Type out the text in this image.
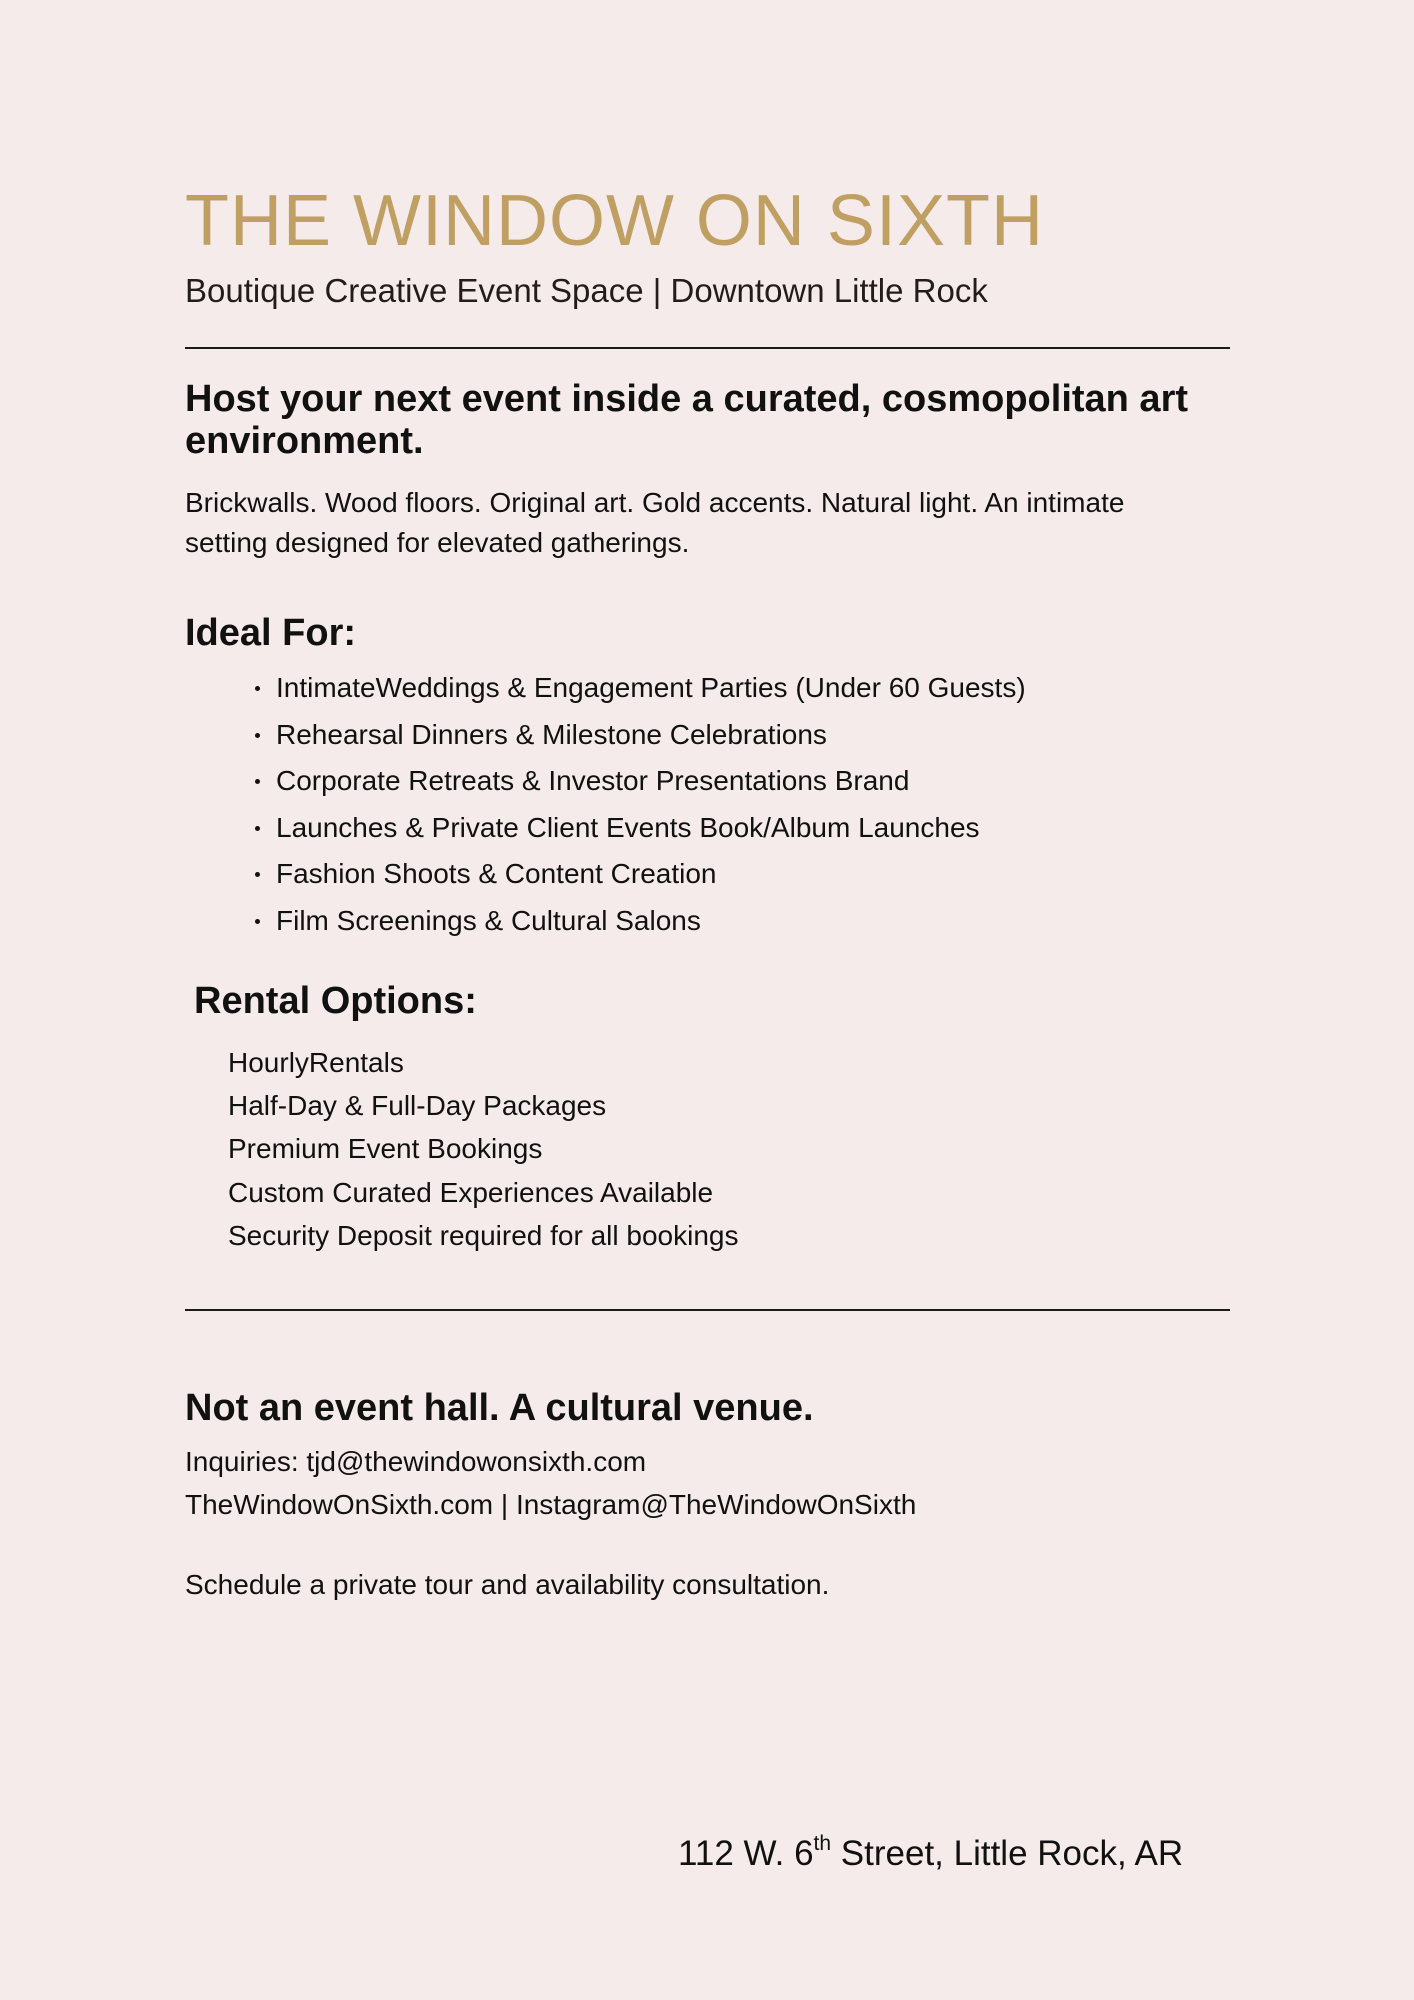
THE WINDOW ON SIXTH
Boutique Creative Event Space | Downtown Little Rock
Host your next event inside a curated, cosmopolitan art environment.

Brickwalls. Wood floors. Original art. Gold accents. Natural light. An intimate setting designed for elevated gatherings.

Ideal For:
IntimateWeddings & Engagement Parties (Under 60 Guests)
Rehearsal Dinners & Milestone Celebrations
Corporate Retreats & Investor Presentations Brand
Launches & Private Client Events Book/Album Launches
Fashion Shoots & Content Creation
Film Screenings & Cultural Salons
Rental Options:
HourlyRentals
Half-Day & Full-Day Packages
Premium Event Bookings
Custom Curated Experiences Available
Security Deposit required for all bookings
Not an event hall. A cultural venue.
Inquiries: tjd@thewindowonsixth.com
TheWindowOnSixth.com | Instagram@TheWindowOnSixth
Schedule a private tour and availability consultation.
112 W. 6th Street, Little Rock, AR
